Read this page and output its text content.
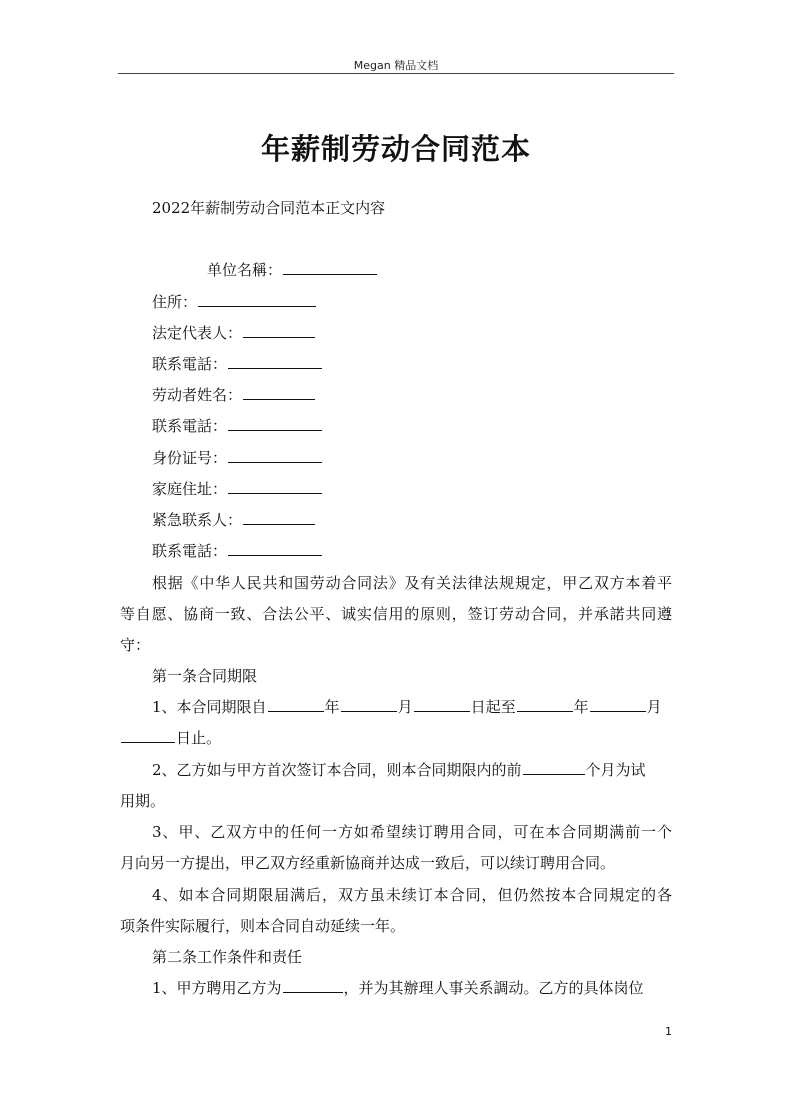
Megan 精品文档
年薪制劳动合同范本
2022年薪制劳动合同范本正文内容
单位名稱：
住所：
法定代表人：
联系電話：
劳动者姓名：
联系電話：
身份证号：
家庭住址：
紧急联系人：
联系電話：
根据《中华人民共和国劳动合同法》及有关法律法规規定，甲乙双方本着平
等自愿、協商一致、合法公平、诚实信用的原则，签订劳动合同，并承諾共同遵
守：
第一条合同期限
1、本合同期限自	年	月	日起至	年	月
日止。
2、乙方如与甲方首次签订本合同，则本合同期限内的前	个月为试
用期。
3、甲、乙双方中的任何一方如希望续订聘用合同，可在本合同期满前一个
月向另一方提出，甲乙双方经重新協商并达成一致后，可以续订聘用合同。
4、如本合同期限届满后，双方虽未续订本合同，但仍然按本合同規定的各
项条件实际履行，则本合同自动延续一年。
第二条工作条件和责任
1、甲方聘用乙方为	，并为其辦理人事关系調动。乙方的具体岗位
1
